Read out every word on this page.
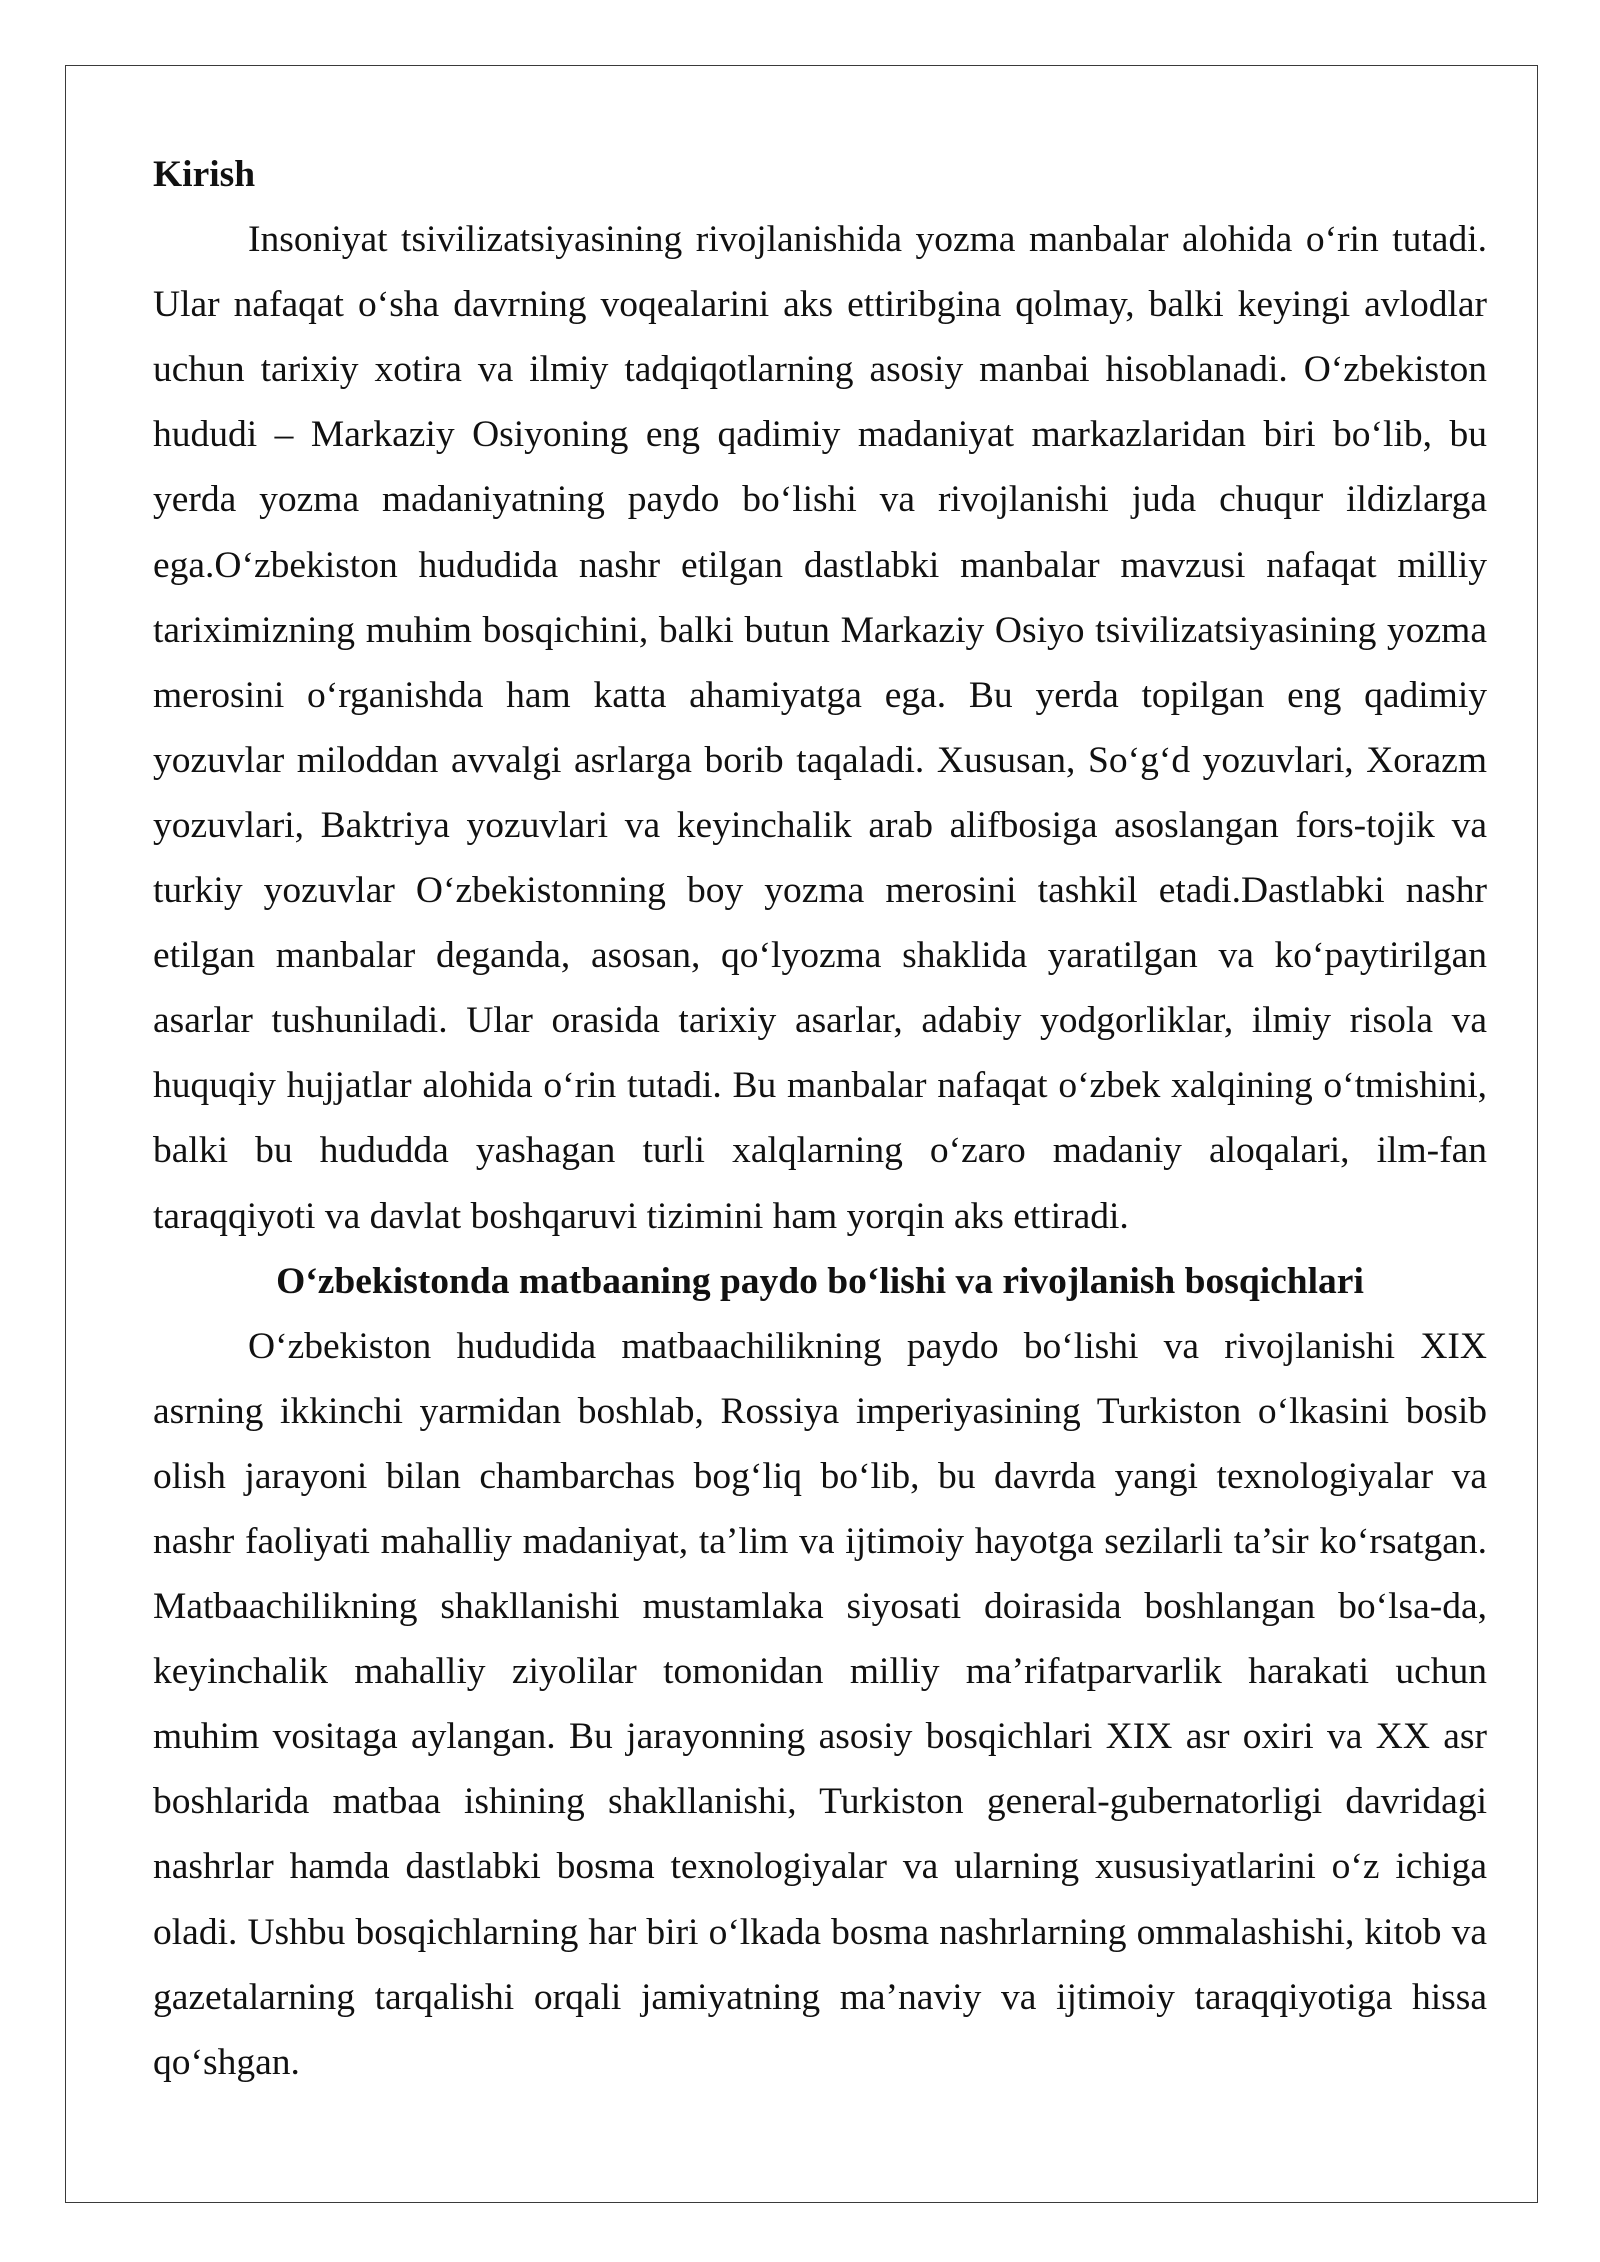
Kirish
Insoniyat tsivilizatsiyasining rivojlanishida yozma manbalar alohida o‘rin tutadi.
Ular nafaqat o‘sha davrning voqealarini aks ettiribgina qolmay, balki keyingi avlodlar
uchun tarixiy xotira va ilmiy tadqiqotlarning asosiy manbai hisoblanadi. O‘zbekiston
hududi – Markaziy Osiyoning eng qadimiy madaniyat markazlaridan biri bo‘lib, bu
yerda yozma madaniyatning paydo bo‘lishi va rivojlanishi juda chuqur ildizlarga
ega.O‘zbekiston hududida nashr etilgan dastlabki manbalar mavzusi nafaqat milliy
tariximizning muhim bosqichini, balki butun Markaziy Osiyo tsivilizatsiyasining yozma
merosini o‘rganishda ham katta ahamiyatga ega. Bu yerda topilgan eng qadimiy
yozuvlar miloddan avvalgi asrlarga borib taqaladi. Xususan, So‘g‘d yozuvlari, Xorazm
yozuvlari, Baktriya yozuvlari va keyinchalik arab alifbosiga asoslangan fors-tojik va
turkiy yozuvlar O‘zbekistonning boy yozma merosini tashkil etadi.Dastlabki nashr
etilgan manbalar deganda, asosan, qo‘lyozma shaklida yaratilgan va ko‘paytirilgan
asarlar tushuniladi. Ular orasida tarixiy asarlar, adabiy yodgorliklar, ilmiy risola va
huquqiy hujjatlar alohida o‘rin tutadi. Bu manbalar nafaqat o‘zbek xalqining o‘tmishini,
balki bu hududda yashagan turli xalqlarning o‘zaro madaniy aloqalari, ilm-fan
taraqqiyoti va davlat boshqaruvi tizimini ham yorqin aks ettiradi.
O‘zbekistonda matbaaning paydo bo‘lishi va rivojlanish bosqichlari
O‘zbekiston hududida matbaachilikning paydo bo‘lishi va rivojlanishi XIX
asrning ikkinchi yarmidan boshlab, Rossiya imperiyasining Turkiston o‘lkasini bosib
olish jarayoni bilan chambarchas bog‘liq bo‘lib, bu davrda yangi texnologiyalar va
nashr faoliyati mahalliy madaniyat, ta’lim va ijtimoiy hayotga sezilarli ta’sir ko‘rsatgan.
Matbaachilikning shakllanishi mustamlaka siyosati doirasida boshlangan bo‘lsa-da,
keyinchalik mahalliy ziyolilar tomonidan milliy ma’rifatparvarlik harakati uchun
muhim vositaga aylangan. Bu jarayonning asosiy bosqichlari XIX asr oxiri va XX asr
boshlarida matbaa ishining shakllanishi, Turkiston general-gubernatorligi davridagi
nashrlar hamda dastlabki bosma texnologiyalar va ularning xususiyatlarini o‘z ichiga
oladi. Ushbu bosqichlarning har biri o‘lkada bosma nashrlarning ommalashishi, kitob va
gazetalarning tarqalishi orqali jamiyatning ma’naviy va ijtimoiy taraqqiyotiga hissa
qo‘shgan.
